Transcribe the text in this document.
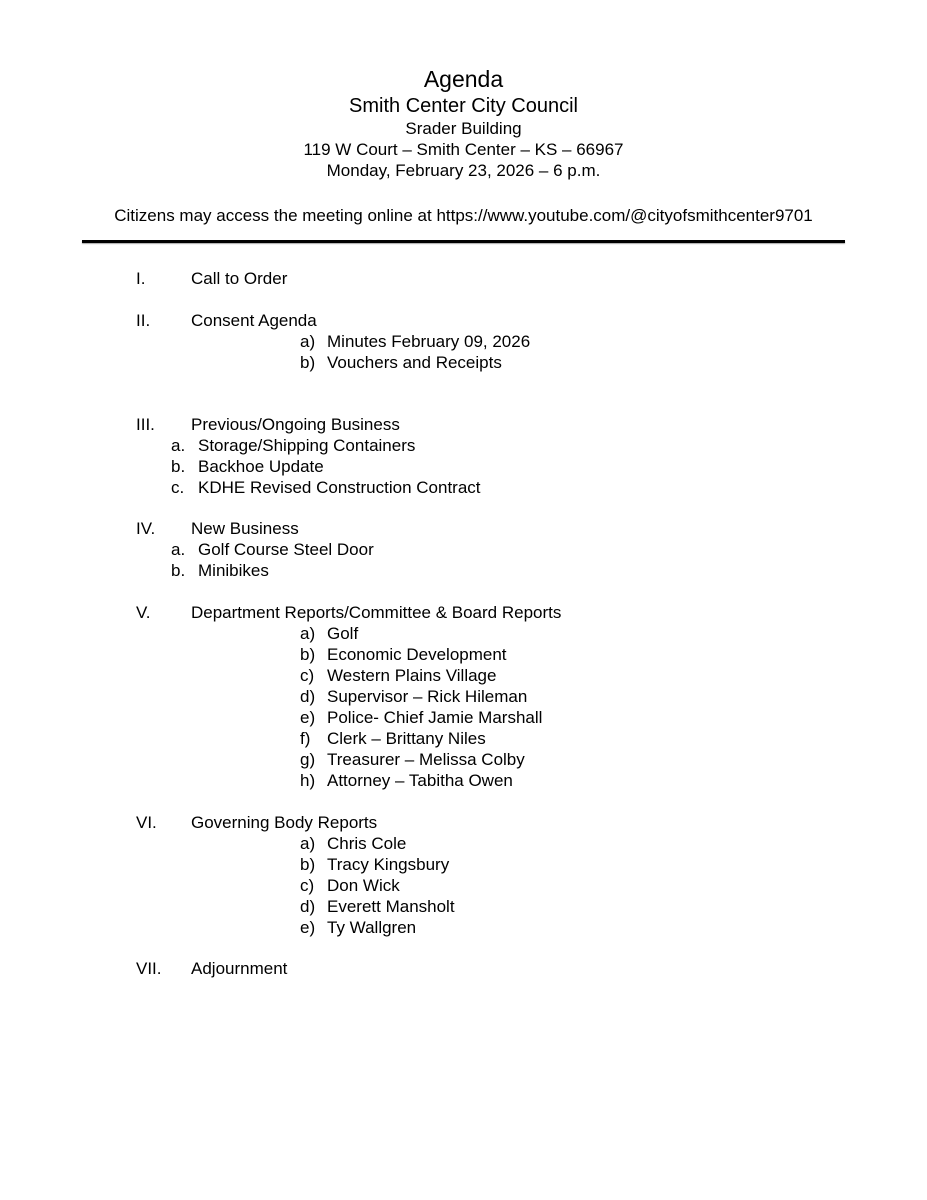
Agenda
Smith Center City Council
Srader Building
119 W Court – Smith Center – KS – 66967
Monday, February 23, 2026 – 6 p.m.
Citizens may access the meeting online at https://www.youtube.com/@cityofsmithcenter9701
I.	Call to Order
II. Consent Agenda
a) Minutes February 09, 2026
b) Vouchers and Receipts
III. Previous/Ongoing Business
a. Storage/Shipping Containers
b. Backhoe Update
c. KDHE Revised Construction Contract
IV. New Business
a. Golf Course Steel Door
b. Minibikes
V. Department Reports/Committee & Board Reports
a) Golf
b) Economic Development
c) Western Plains Village
d) Supervisor – Rick Hileman
e) Police- Chief Jamie Marshall
f) Clerk – Brittany Niles
g) Treasurer – Melissa Colby
h) Attorney – Tabitha Owen
VI. Governing Body Reports
a) Chris Cole
b) Tracy Kingsbury
c) Don Wick
d) Everett Mansholt
e) Ty Wallgren
VII. Adjournment
